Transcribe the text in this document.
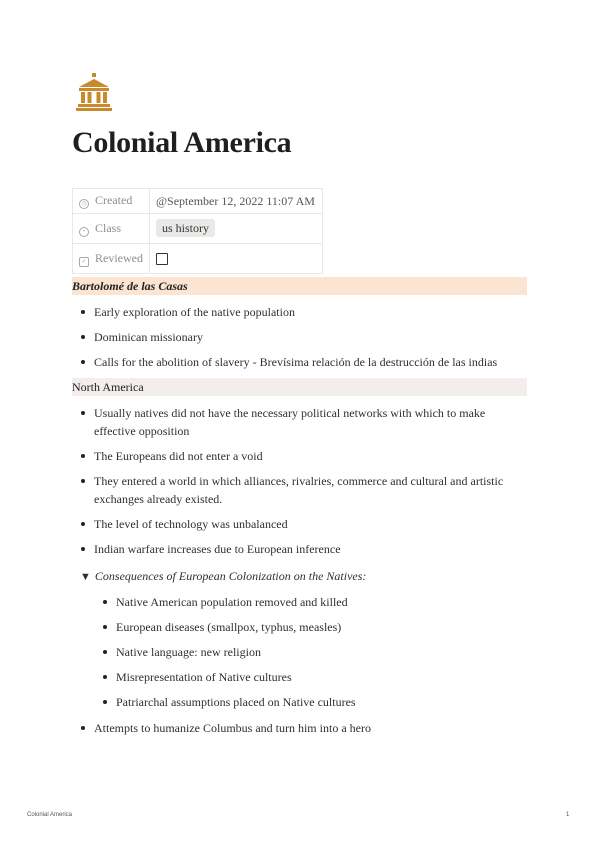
Colonial America
◷ Created	@September 12, 2022 11:07 AM
• Class	us history
✓ Reviewed	
Bartolomé de las Casas
Early exploration of the native population
Dominican missionary
Calls for the abolition of slavery - Brevísima relación de la destrucción de las indias
North America
Usually natives did not have the necessary political networks with which to make effective opposition
The Europeans did not enter a void
They entered a world in which alliances, rivalries, commerce and cultural and artistic exchanges already existed.
The level of technology was unbalanced
Indian warfare increases due to European inference
▼ Consequences of European Colonization on the Natives:
Native American population removed and killed
European diseases (smallpox, typhus, measles)
Native language: new religion
Misrepresentation of Native cultures
Patriarchal assumptions placed on Native cultures
Attempts to humanize Columbus and turn him into a hero
Colonial America	1
